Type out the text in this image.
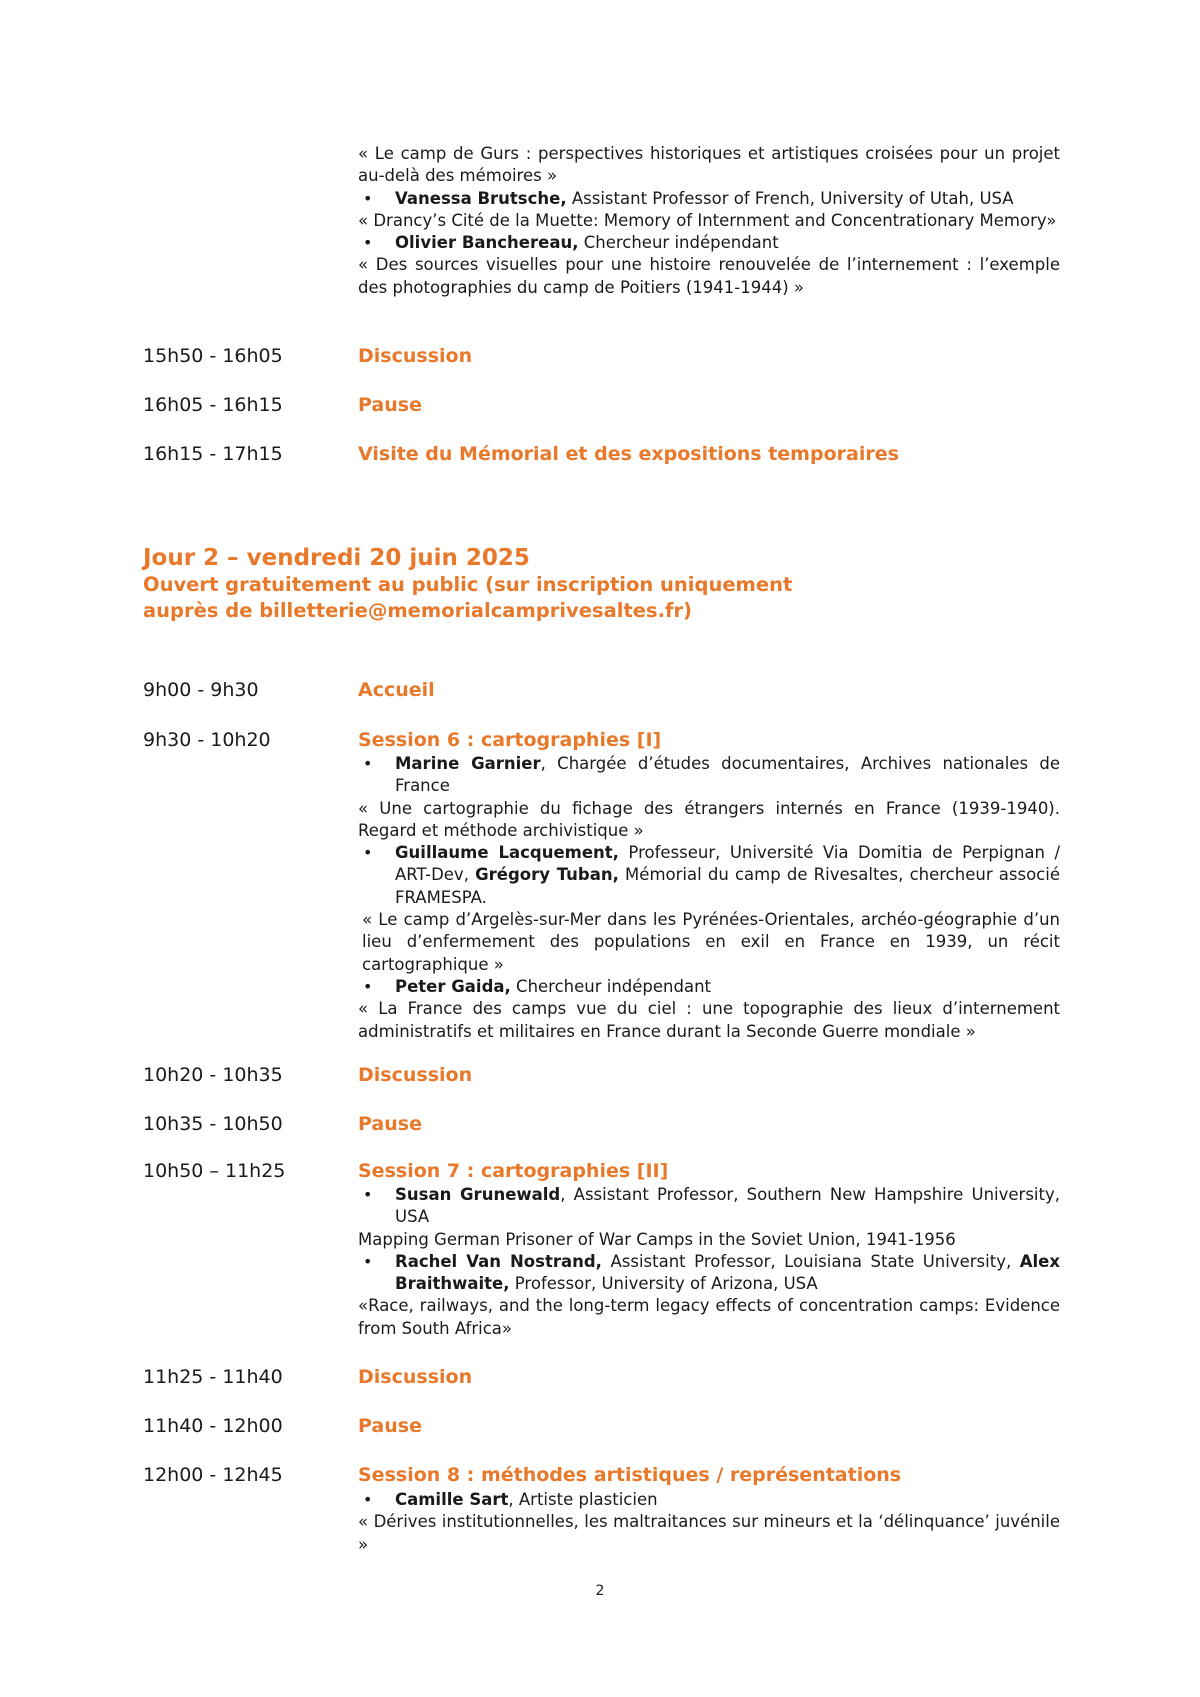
« Le camp de Gurs : perspectives historiques et artistiques croisées pour un projet au-delà des mémoires »

• Vanessa Brutsche, Assistant Professor of French, University of Utah, USA

« Drancy’s Cité de la Muette: Memory of Internment and Concentrationary Memory»

• Olivier Banchereau, Chercheur indépendant

« Des sources visuelles pour une histoire renouvelée de l’internement : l’exemple des photographies du camp de Poitiers (1941-1944) »

15h50 - 16h05	Discussion
16h05 - 16h15	Pause
16h15 - 17h15	Visite du Mémorial et des expositions temporaires
Jour 2 – vendredi 20 juin 2025
Ouvert gratuitement au public (sur inscription uniquement
auprès de billetterie@memorialcamprivesaltes.fr)
9h00 - 9h30	Accueil
9h30 - 10h20	Session 6 : cartographies [I]

• Marine Garnier, Chargée d’études documentaires, Archives nationales de France

« Une cartographie du fichage des étrangers internés en France (1939-1940). Regard et méthode archivistique »

• Guillaume Lacquement, Professeur, Université Via Domitia de Perpignan / ART-Dev, Grégory Tuban, Mémorial du camp de Rivesaltes, chercheur associé FRAMESPA.

« Le camp d’Argelès-sur-Mer dans les Pyrénées-Orientales, archéo-géographie d’un lieu d’enfermement des populations en exil en France en 1939, un récit cartographique »

• Peter Gaida, Chercheur indépendant

« La France des camps vue du ciel : une topographie des lieux d’internement administratifs et militaires en France durant la Seconde Guerre mondiale »

10h20 - 10h35	Discussion
10h35 - 10h50	Pause
10h50 – 11h25	Session 7 : cartographies [II]

• Susan Grunewald, Assistant Professor, Southern New Hampshire University, USA

Mapping German Prisoner of War Camps in the Soviet Union, 1941-1956

• Rachel Van Nostrand, Assistant Professor, Louisiana State University, Alex Braithwaite, Professor, University of Arizona, USA

«Race, railways, and the long-term legacy effects of concentration camps: Evidence from South Africa»

11h25 - 11h40	Discussion
11h40 - 12h00	Pause
12h00 - 12h45	Session 8 : méthodes artistiques / représentations

• Camille Sart, Artiste plasticien

« Dérives institutionnelles, les maltraitances sur mineurs et la ‘délinquance’ juvénile »

2
